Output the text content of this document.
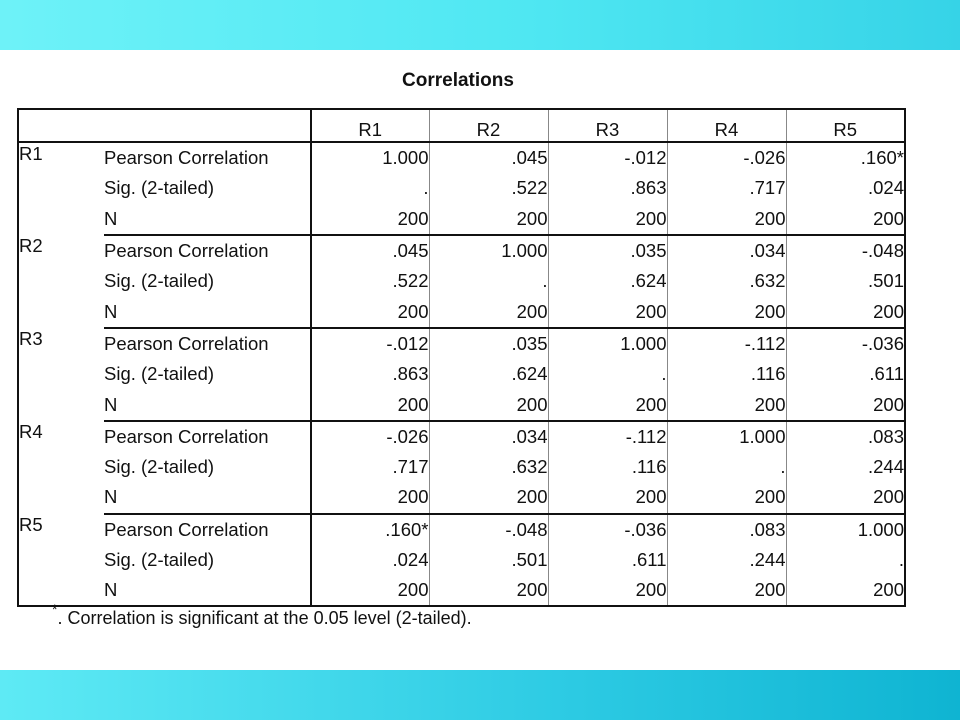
Correlations
		R1	R2	R3	R4	R5
R1	Pearson Correlation	1.000	.045	-.012	-.026	.160*
	Sig. (2-tailed)	.	.522	.863	.717	.024
	N	200	200	200	200	200
R2	Pearson Correlation	.045	1.000	.035	.034	-.048
	Sig. (2-tailed)	.522	.	.624	.632	.501
	N	200	200	200	200	200
R3	Pearson Correlation	-.012	.035	1.000	-.112	-.036
	Sig. (2-tailed)	.863	.624	.	.116	.611
	N	200	200	200	200	200
R4	Pearson Correlation	-.026	.034	-.112	1.000	.083
	Sig. (2-tailed)	.717	.632	.116	.	.244
	N	200	200	200	200	200
R5	Pearson Correlation	.160*	-.048	-.036	.083	1.000
	Sig. (2-tailed)	.024	.501	.611	.244	.
	N	200	200	200	200	200
*. Correlation is significant at the 0.05 level (2-tailed).
